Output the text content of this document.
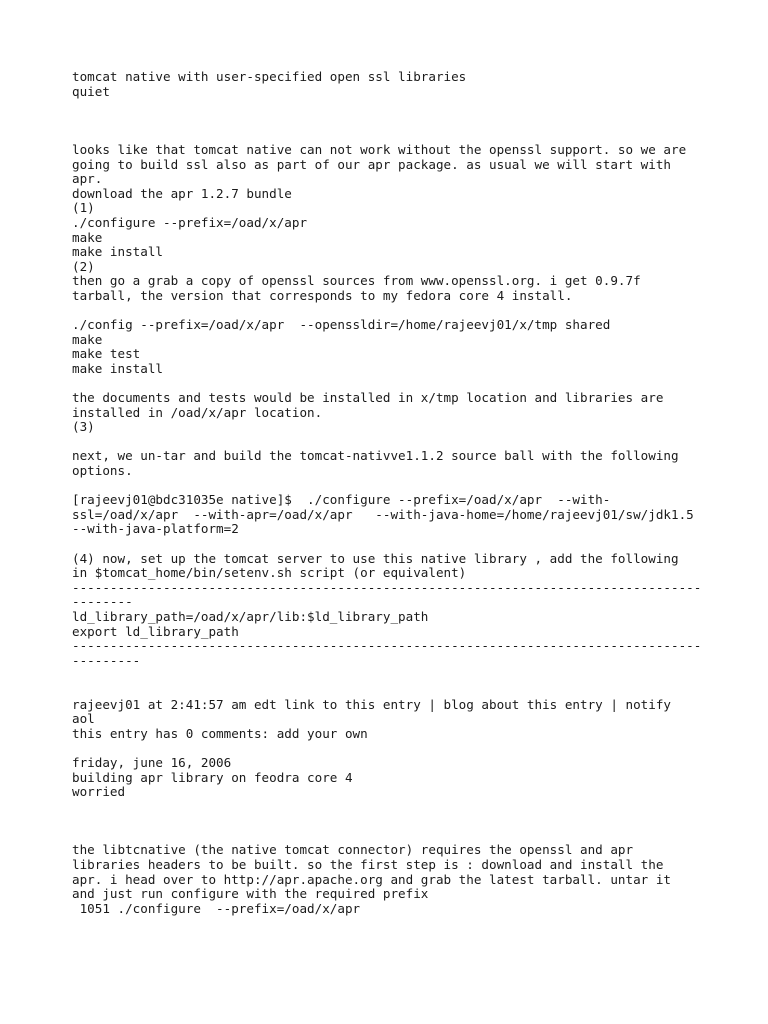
tomcat native with user-specified open ssl libraries
quiet
looks like that tomcat native can not work without the openssl support. so we are
going to build ssl also as part of our apr package. as usual we will start with
apr.
download the apr 1.2.7 bundle
(1)
./configure --prefix=/oad/x/apr
make
make install
(2)
then go a grab a copy of openssl sources from www.openssl.org. i get 0.9.7f
tarball, the version that corresponds to my fedora core 4 install.
./config --prefix=/oad/x/apr  --openssldir=/home/rajeevj01/x/tmp shared
make
make test
make install
the documents and tests would be installed in x/tmp location and libraries are
installed in /oad/x/apr location.
(3)
next, we un-tar and build the tomcat-nativve1.1.2 source ball with the following
options.
[rajeevj01@bdc31035e native]$  ./configure --prefix=/oad/x/apr  --with-
ssl=/oad/x/apr  --with-apr=/oad/x/apr   --with-java-home=/home/rajeevj01/sw/jdk1.5
--with-java-platform=2
(4) now, set up the tomcat server to use this native library , add the following
in $tomcat_home/bin/setenv.sh script (or equivalent)
-----------------------------------------------------------------------------------
--------
ld_library_path=/oad/x/apr/lib:$ld_library_path
export ld_library_path
-----------------------------------------------------------------------------------
---------
rajeevj01 at 2:41:57 am edt link to this entry | blog about this entry | notify
aol
this entry has 0 comments: add your own
friday, june 16, 2006
building apr library on feodra core 4
worried
the libtcnative (the native tomcat connector) requires the openssl and apr
libraries headers to be built. so the first step is : download and install the
apr. i head over to http://apr.apache.org and grab the latest tarball. untar it
and just run configure with the required prefix
1051 ./configure  --prefix=/oad/x/apr
